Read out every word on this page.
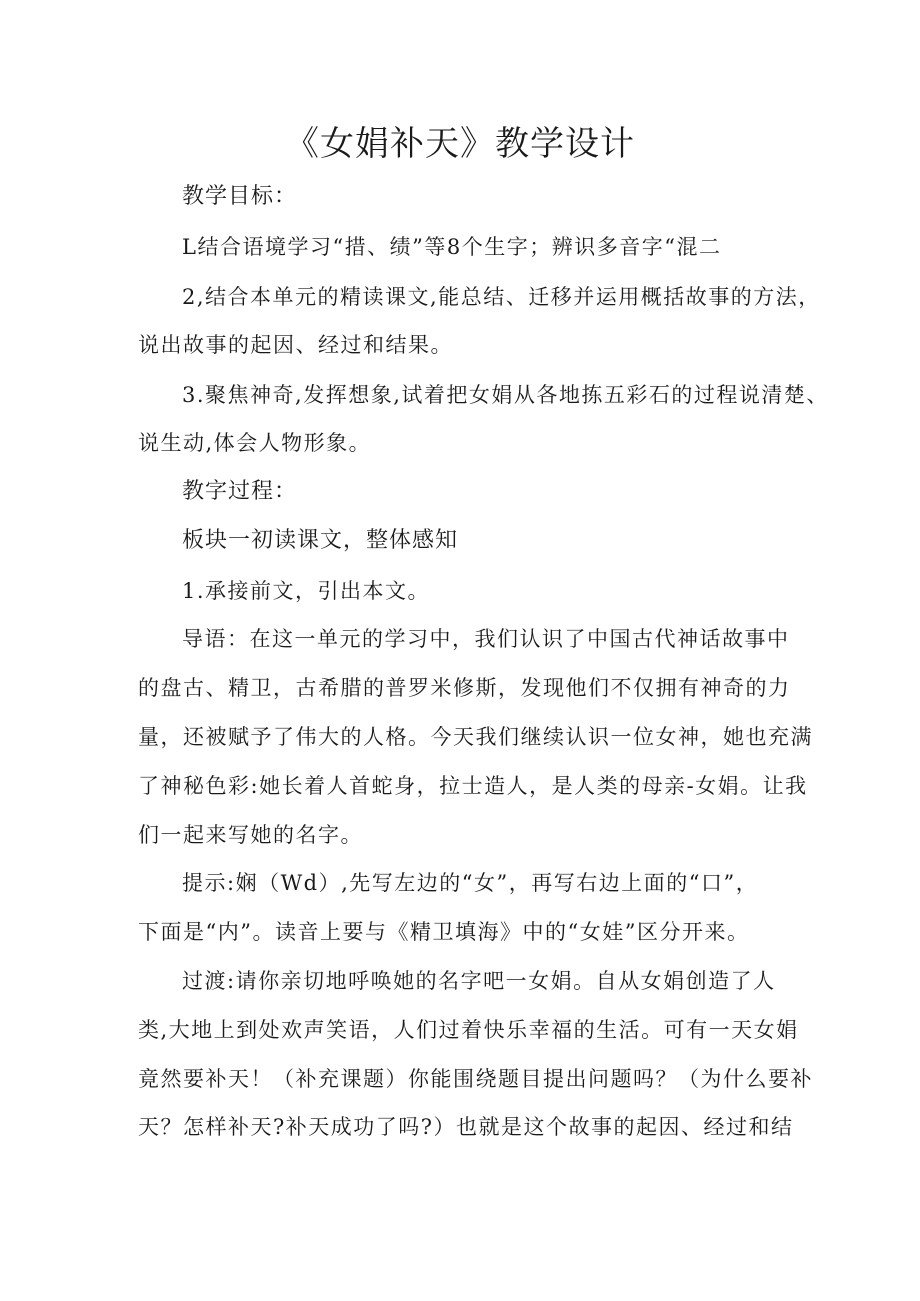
《女娟补天》教学设计

教学目标：

L结合语境学习“措、绩”等8个生字；辨识多音字“混二

2,结合本单元的精读课文,能总结、迁移并运用概括故事的方法，

说出故事的起因、经过和结果。

3.聚焦神奇,发挥想象,试着把女娟从各地拣五彩石的过程说清楚、

说生动,体会人物形象。

教字过程：

板块一初读课文，整体感知

1.承接前文，引出本文。

导语：在这一单元的学习中，我们认识了中国古代神话故事中

的盘古、精卫，古希腊的普罗米修斯，发现他们不仅拥有神奇的力

量，还被赋予了伟大的人格。今天我们继续认识一位女神，她也充满

了神秘色彩:她长着人首蛇身，拉士造人，是人类的母亲-女娟。让我

们一起来写她的名字。

提示:娴（Wd）,先写左边的“女”，再写右边上面的“口”，

下面是“内”。读音上要与《精卫填海》中的“女娃”区分开来。

过渡:请你亲切地呼唤她的名字吧一女娟。自从女娟创造了人

类,大地上到处欢声笑语，人们过着快乐幸福的生活。可有一天女娟

竟然要补天！（补充课题）你能围绕题目提出问题吗？（为什么要补

天？怎样补天?补天成功了吗?）也就是这个故事的起因、经过和结
